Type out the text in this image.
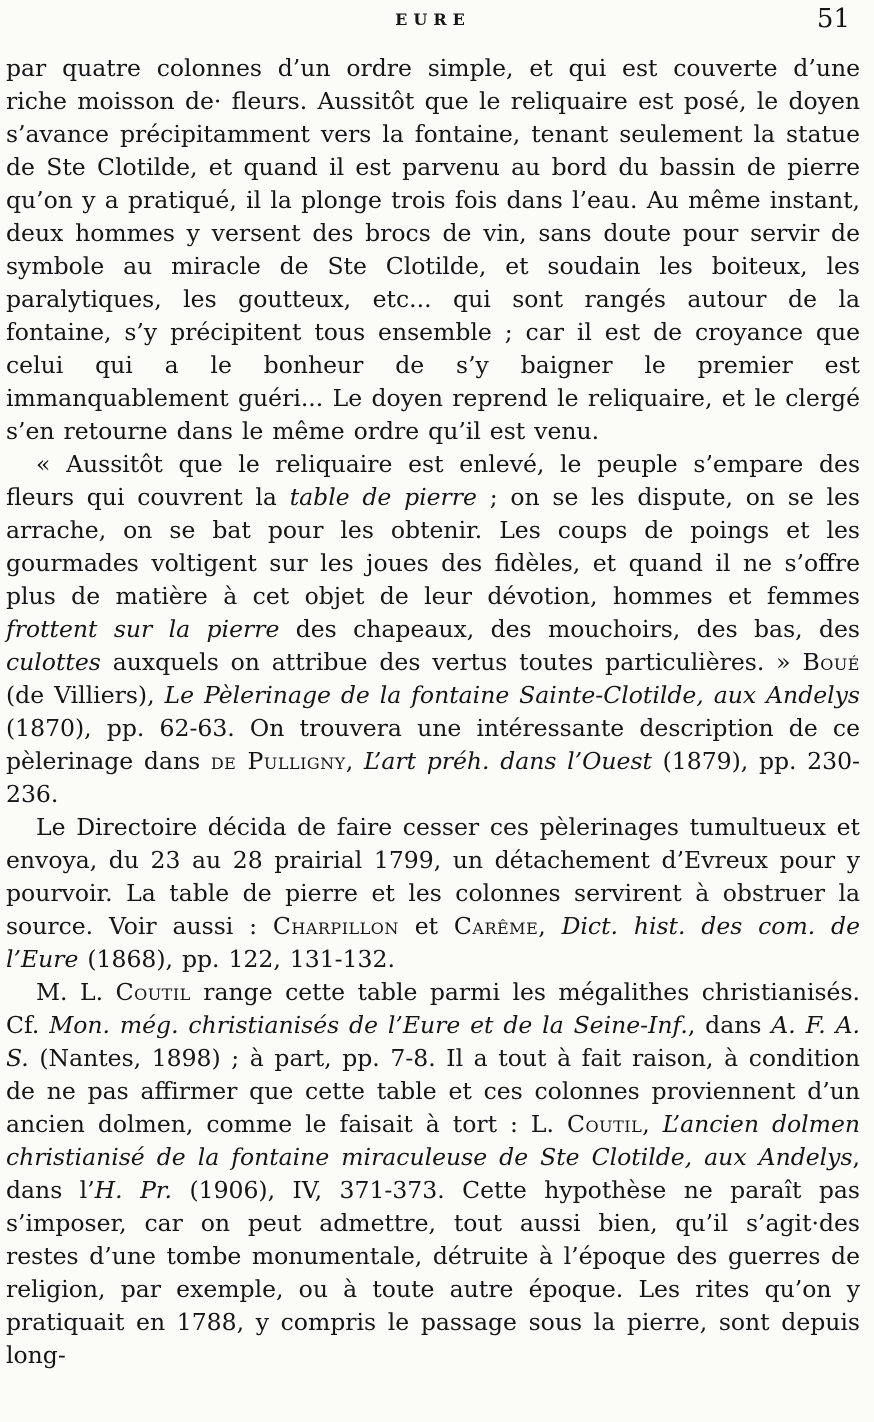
EURE	51

par quatre colonnes d’un ordre simple, et qui est couverte d’une riche moisson de· fleurs. Aussitôt que le reliquaire est posé, le doyen s’avance précipitamment vers la fontaine, tenant seulement la statue de Ste Clotilde, et quand il est parvenu au bord du bassin de pierre qu’on y a pratiqué, il la plonge trois fois dans l’eau. Au même instant, deux hommes y versent des brocs de vin, sans doute pour servir de symbole au miracle de Ste Clotilde, et soudain les boiteux, les paralytiques, les goutteux, etc... qui sont rangés autour de la fontaine, s’y précipitent tous ensemble ; car il est de croyance que celui qui a le bonheur de s’y baigner le premier est immanquablement guéri... Le doyen reprend le reliquaire, et le clergé s’en retourne dans le même ordre qu’il est venu.

« Aussitôt que le reliquaire est enlevé, le peuple s’empare des fleurs qui couvrent la table de pierre ; on se les dispute, on se les arrache, on se bat pour les obtenir. Les coups de poings et les gourmades voltigent sur les joues des fidèles, et quand il ne s’offre plus de matière à cet objet de leur dévotion, hommes et femmes frottent sur la pierre des chapeaux, des mouchoirs, des bas, des culottes auxquels on attribue des vertus toutes particulières. » Boué (de Villiers), Le Pèlerinage de la fontaine Sainte-Clotilde, aux Andelys (1870), pp. 62-63. On trouvera une intéressante description de ce pèlerinage dans de Pulligny, L’art préh. dans l’Ouest (1879), pp. 230-236.

Le Directoire décida de faire cesser ces pèlerinages tumultueux et envoya, du 23 au 28 prairial 1799, un détachement d’Evreux pour y pourvoir. La table de pierre et les colonnes servirent à obstruer la source. Voir aussi : Charpillon et Carême, Dict. hist. des com. de l’Eure (1868), pp. 122, 131-132.

M. L. Coutil range cette table parmi les mégalithes christianisés. Cf. Mon. még. christianisés de l’Eure et de la Seine-Inf., dans A. F. A. S. (Nantes, 1898) ; à part, pp. 7-8. Il a tout à fait raison, à condition de ne pas affirmer que cette table et ces colonnes proviennent d’un ancien dolmen, comme le faisait à tort : L. Coutil, L’ancien dolmen christianisé de la fontaine miraculeuse de Ste Clotilde, aux Andelys, dans l’H. Pr. (1906), IV, 371-373. Cette hypothèse ne paraît pas s’imposer, car on peut admettre, tout aussi bien, qu’il s’agit·des restes d’une tombe monumentale, détruite à l’époque des guerres de religion, par exemple, ou à toute autre époque. Les rites qu’on y pratiquait en 1788, y compris le passage sous la pierre, sont depuis long-
